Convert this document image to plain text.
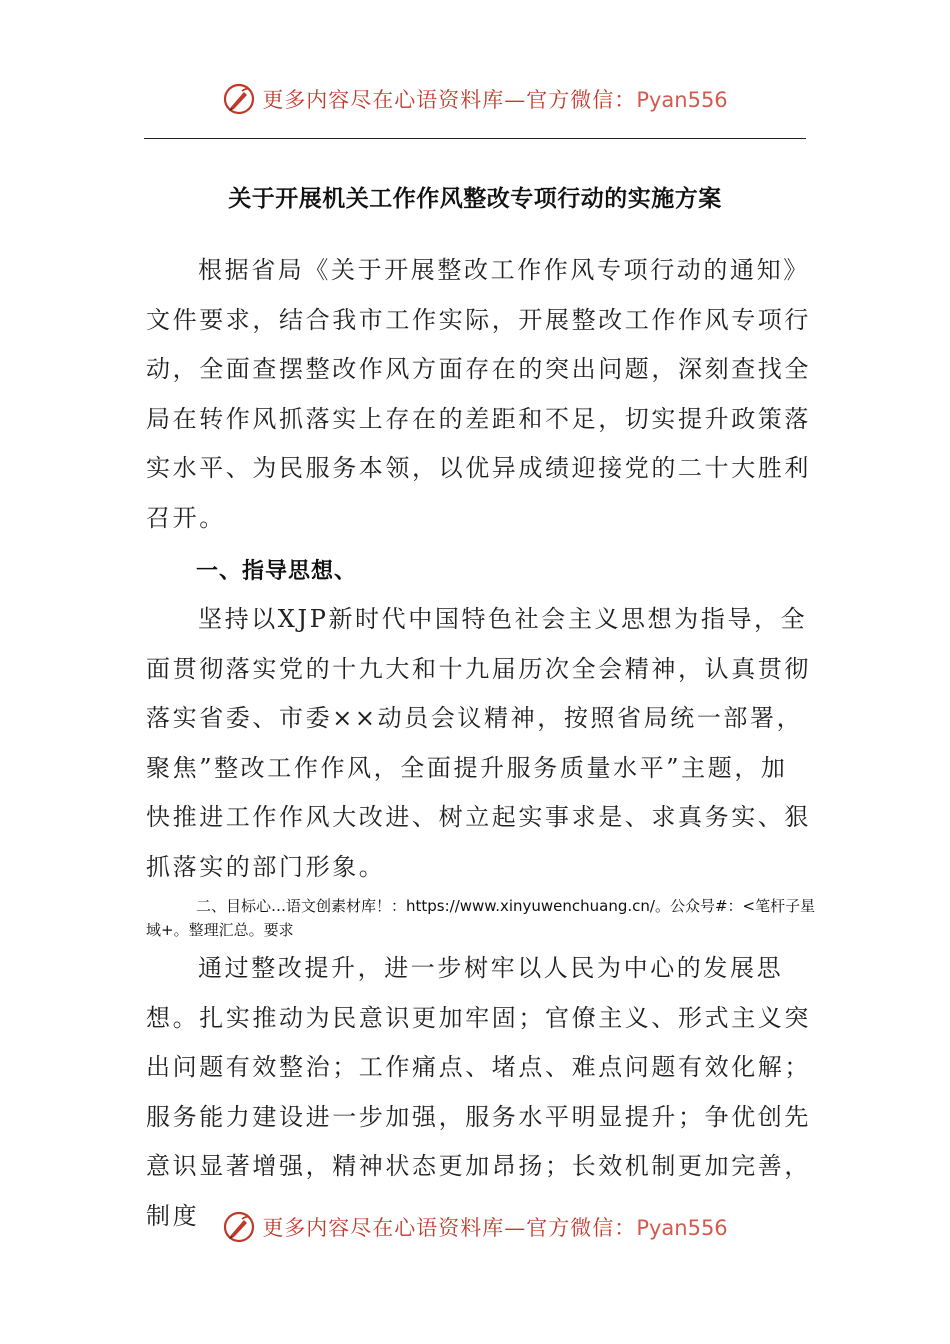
更多内容尽在心语资料库—官方微信：Pyan556
关于开展机关工作作风整改专项行动的实施方案

根据省局《关于开展整改工作作风专项行动的通知》文件要求，结合我市工作实际，开展整改工作作风专项行动，全面查摆整改作风方面存在的突出问题，深刻查找全局在转作风抓落实上存在的差距和不足，切实提升政策落实水平、为民服务本领，以优异成绩迎接党的二十大胜利召开。

一、指导思想、

坚持以XJP新时代中国特色社会主义思想为指导，全面贯彻落实党的十九大和十九届历次全会精神，认真贯彻落实省委、市委××动员会议精神，按照省局统一部署，聚焦”整改工作作风，全面提升服务质量水平”主题，加快推进工作作风大改进、树立起实事求是、求真务实、狠抓落实的部门形象。

二、目标心…语文创素材库！：https://www.xinyuwenchuang.cn/。公众号#：<笔杆子星域+。整理汇总。要求

通过整改提升，进一步树牢以人民为中心的发展思想。扎实推动为民意识更加牢固；官僚主义、形式主义突出问题有效整治；工作痛点、堵点、难点问题有效化解；服务能力建设进一步加强，服务水平明显提升；争优创先意识显著增强，精神状态更加昂扬；长效机制更加完善，制度	更多内容尽在心语资料库—官方微信：Pyan556
